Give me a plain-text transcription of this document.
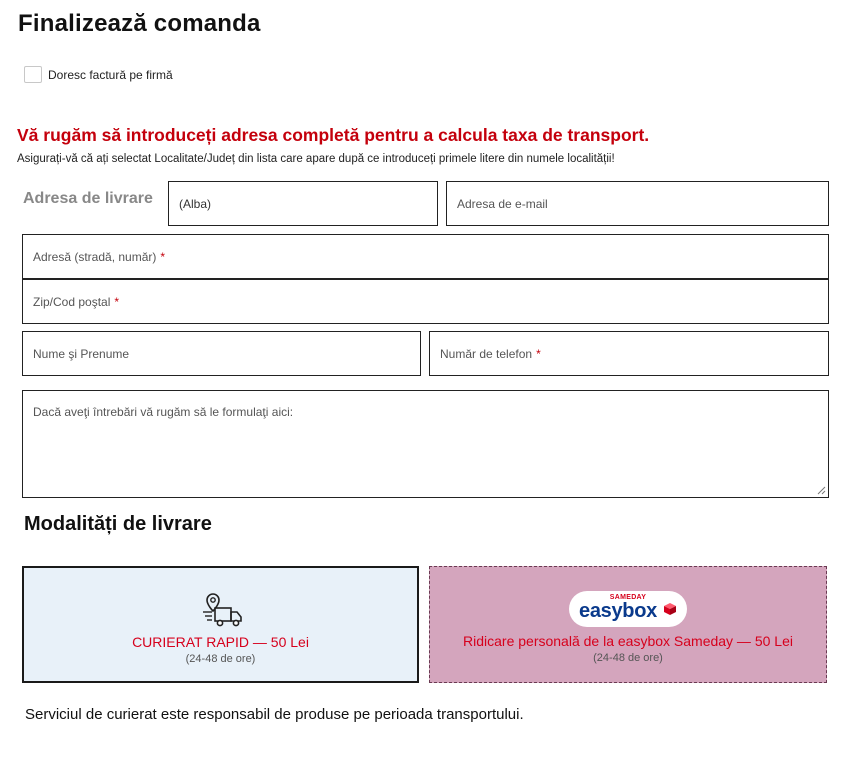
Finalizează comanda
Doresc factură pe firmă
Vă rugăm să introduceți adresa completă pentru a calcula taxa de transport.
Asigurați-vă că ați selectat Localitate/Județ din lista care apare după ce introduceți primele litere din numele localității!
Adresa de livrare (Alba)	Adresa de e-mail
Adresă (stradă, număr) *
Zip/Cod poştal *
Nume şi Prenume	Număr de telefon *
Dacă aveţi întrebări vă rugăm să le formulaţi aici:
Modalități de livrare
CURIERAT RAPID — 50 Lei
(24-48 de ore)
SAMEDAY
easybox
Ridicare personală de la easybox Sameday — 50 Lei
(24-48 de ore)
Serviciul de curierat este responsabil de produse pe perioada transportului.
